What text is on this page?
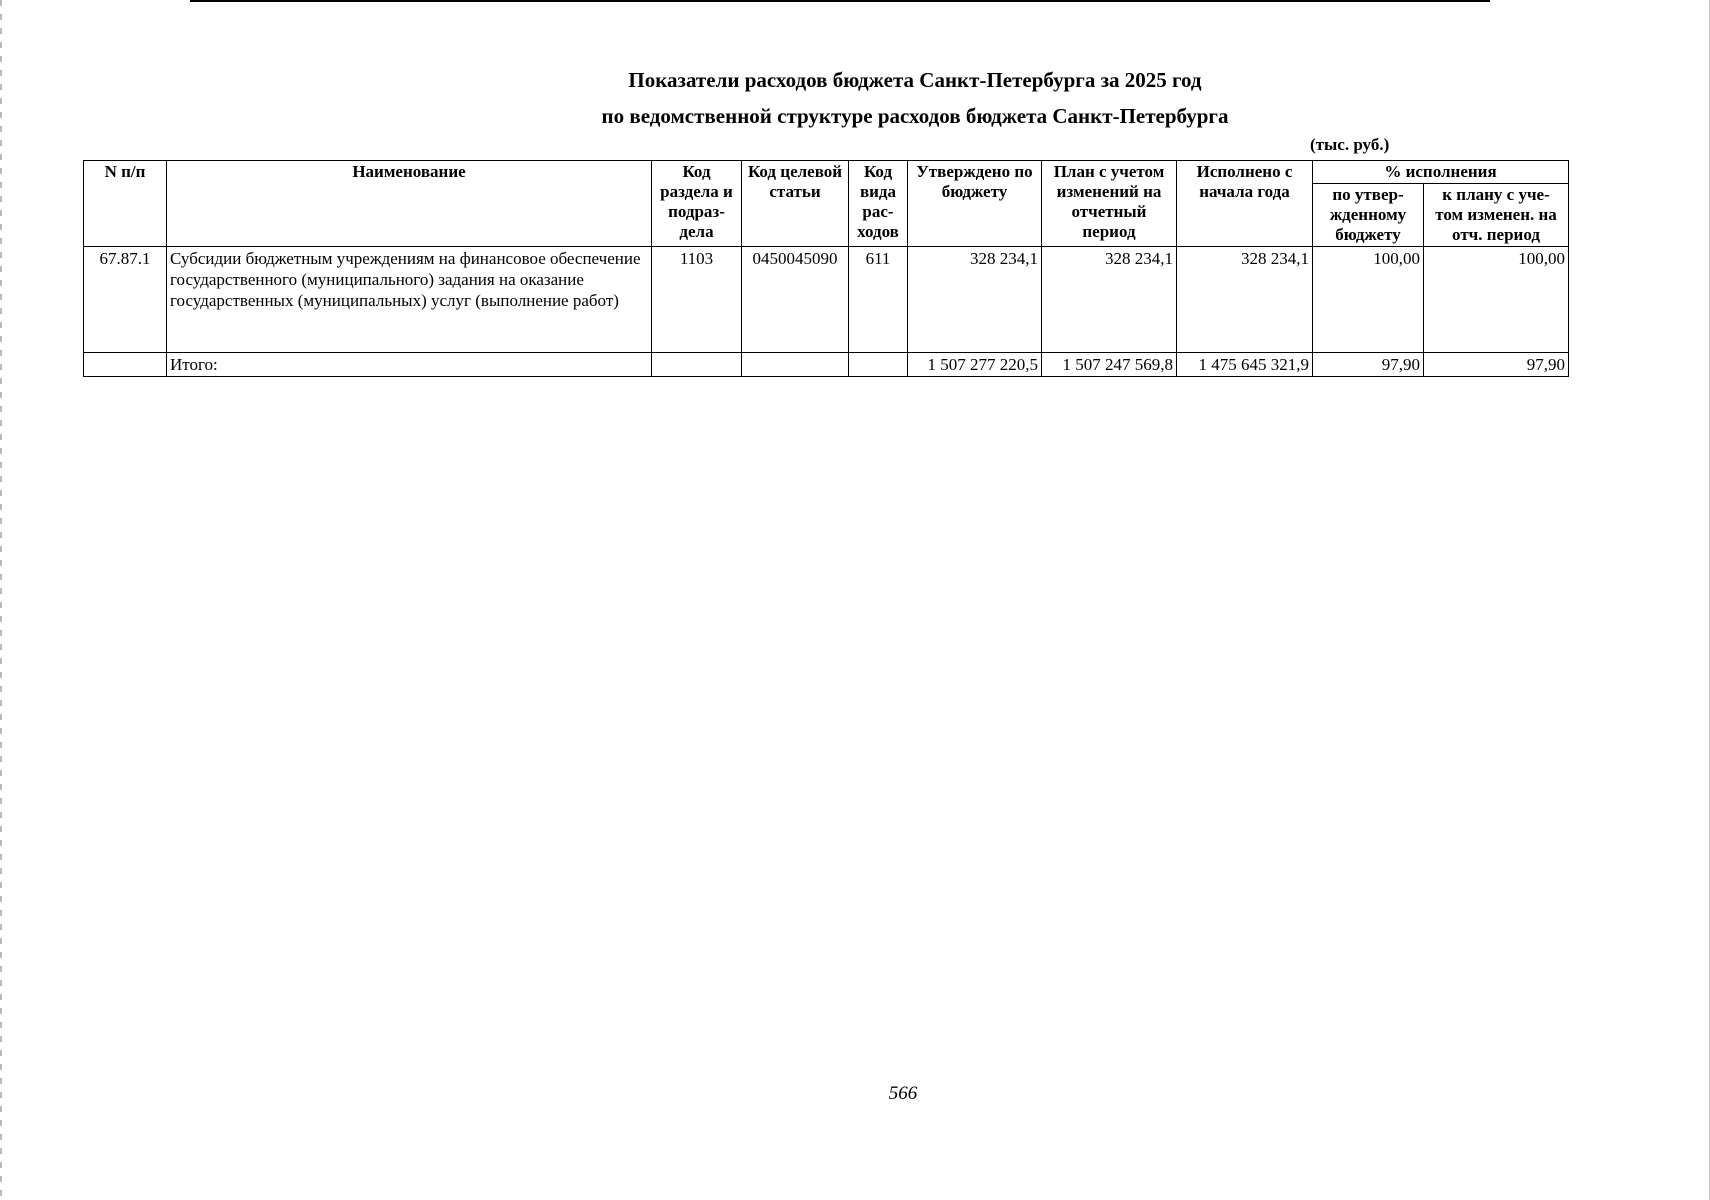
Показатели расходов бюджета Санкт-Петербурга за 2025 год
по ведомственной структуре расходов бюджета Санкт-Петербурга
(тыс. руб.)
N п/п	Наименование	Код раздела и подраз- дела	Код целевой статьи	Код вида рас- ходов	Утверждено по бюджету	План с учетом изменений на отчетный период	Исполнено с начала года	% исполнения	
								по утвер- жденному бюджету	к плану с уче- том изменен. на отч. период
67.87.1	Субсидии бюджетным учреждениям на финансовое обеспечение государственного (муниципального) задания на оказание государственных (муниципальных) услуг (выполнение работ)	1103	0450045090	611	328 234,1	328 234,1	328 234,1	100,00	100,00
	Итого:				1 507 277 220,5	1 507 247 569,8	1 475 645 321,9	97,90	97,90
566
